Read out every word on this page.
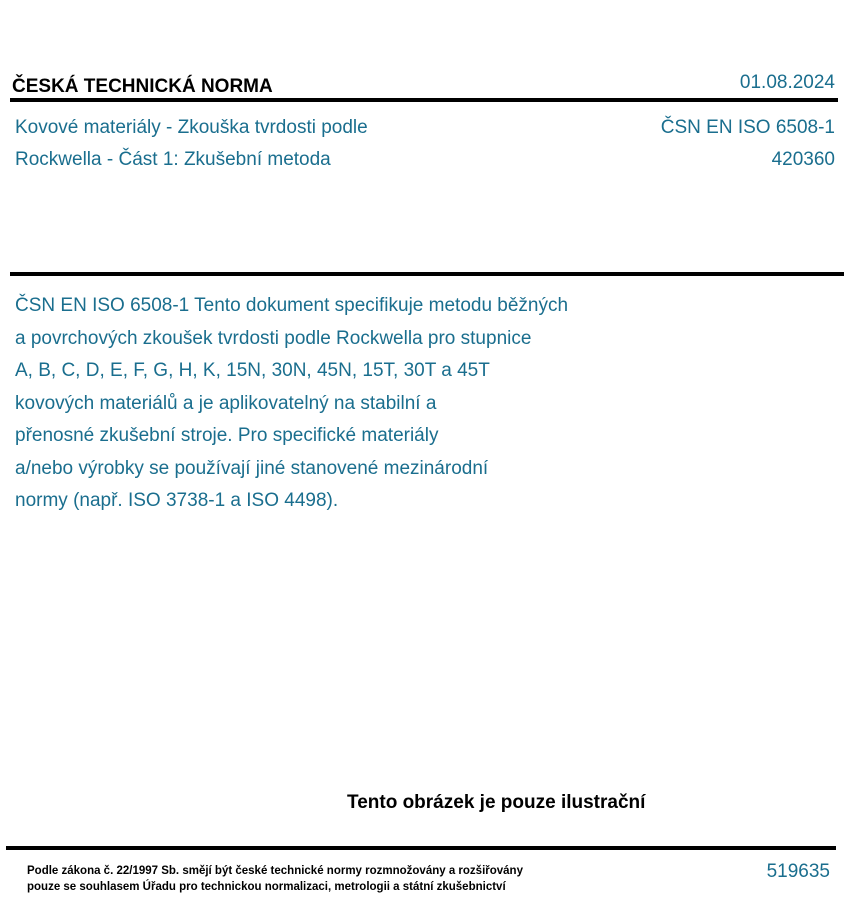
ČESKÁ TECHNICKÁ NORMA	01.08.2024
Kovové materiály - Zkouška tvrdosti podle
Rockwella - Část 1: Zkušební metoda
ČSN EN ISO 6508-1
420360
ČSN EN ISO 6508-1 Tento dokument specifikuje metodu běžných
a povrchových zkoušek tvrdosti podle Rockwella pro stupnice
A, B, C, D, E, F, G, H, K, 15N, 30N, 45N, 15T, 30T a 45T
kovových materiálů a je aplikovatelný na stabilní a
přenosné zkušební stroje. Pro specifické materiály
a/nebo výrobky se používají jiné stanovené mezinárodní
normy (např. ISO 3738-1 a ISO 4498).
Tento obrázek je pouze ilustrační
Podle zákona č. 22/1997 Sb. smějí být české technické normy rozmnožovány a rozšiřovány
pouze se souhlasem Úřadu pro technickou normalizaci, metrologii a státní zkušebnictví
519635
